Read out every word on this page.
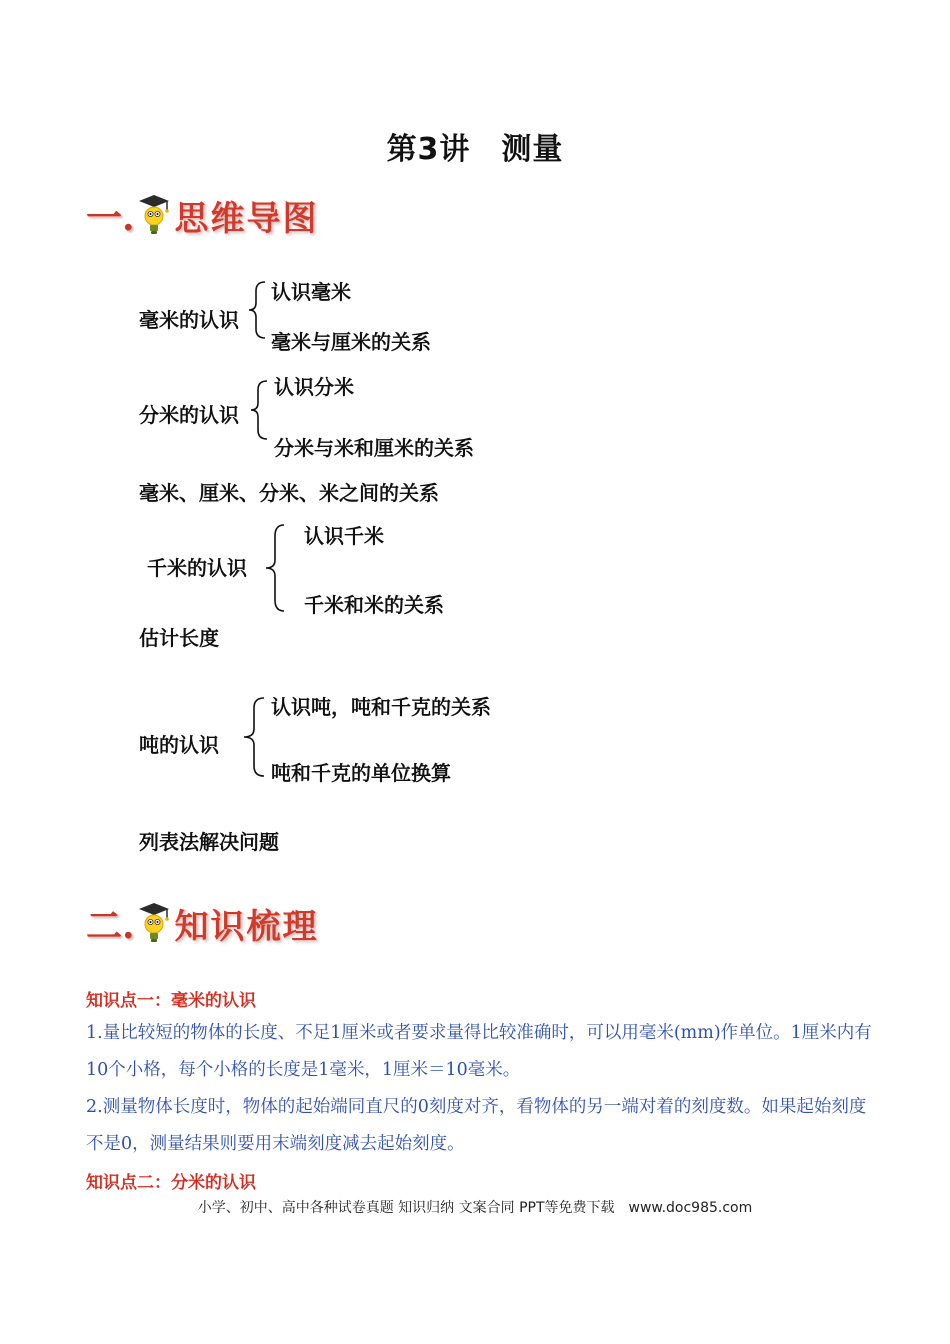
第3讲　测量
一. 思维导图
毫米的认识
认识毫米
毫米与厘米的关系
分米的认识
认识分米
分米与米和厘米的关系
毫米、厘米、分米、米之间的关系
千米的认识
认识千米
千米和米的关系
估计长度
吨的认识
认识吨，吨和千克的关系
吨和千克的单位换算
列表法解决问题
二. 知识梳理
知识点一：毫米的认识
1.量比较短的物体的长度、不足1厘米或者要求量得比较准确时，可以用毫米(mm)作单位。1厘米内有10个小格，每个小格的长度是1毫米，1厘米＝10毫米。
2.测量物体长度时，物体的起始端同直尺的0刻度对齐，看物体的另一端对着的刻度数。如果起始刻度不是0，测量结果则要用末端刻度减去起始刻度。
知识点二：分米的认识
小学、初中、高中各种试卷真题 知识归纳 文案合同 PPT等免费下载　www.doc985.com
